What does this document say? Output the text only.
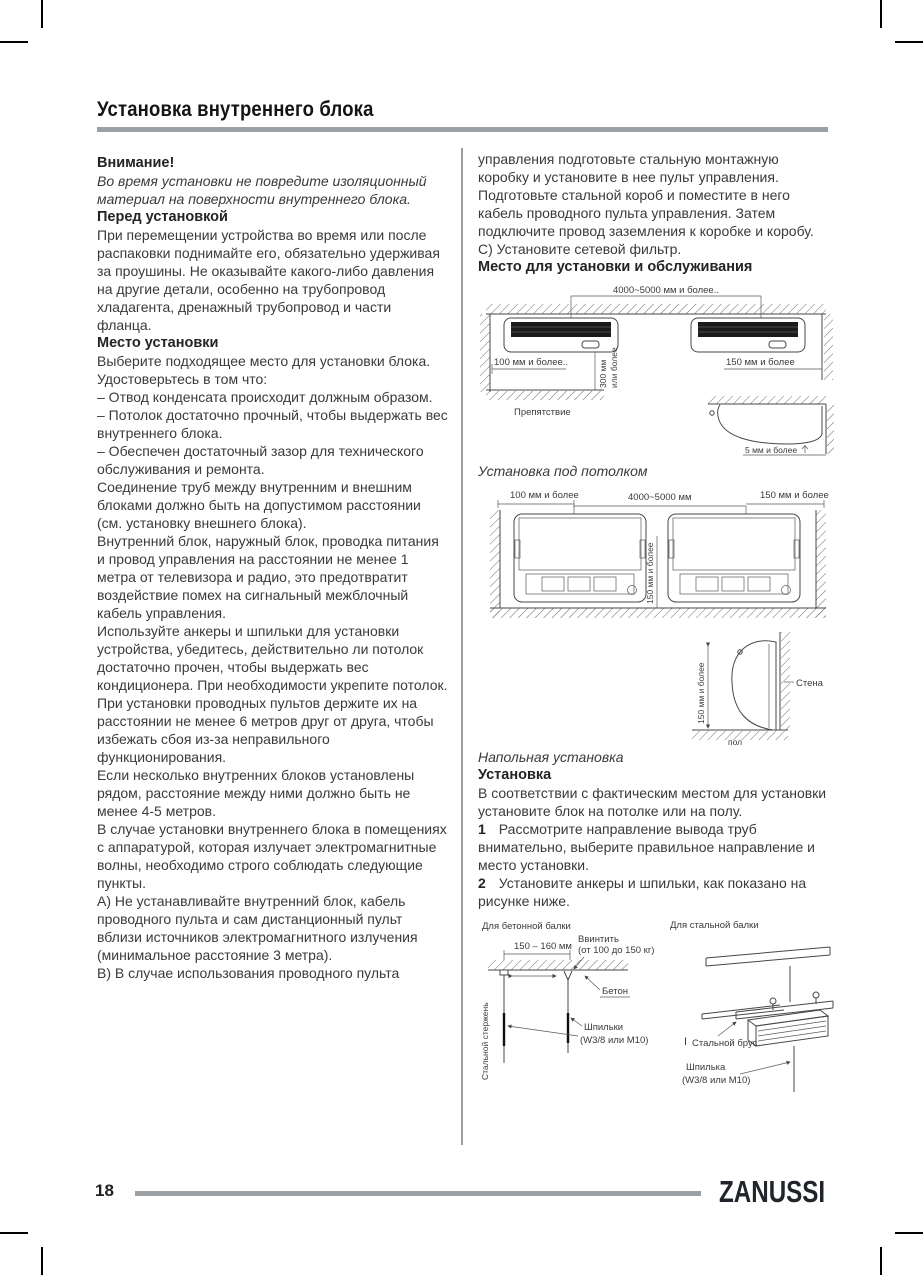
Установка внутреннего блока

Внимание!

Во время установки не повредите изоляционный материал на поверхности внутреннего блока.

Перед установкой

При перемещении устройства во время или после распаковки поднимайте его, обязательно удерживая за проушины. Не оказывайте какого-либо давления на другие детали, особенно на трубопровод хладагента, дренажный трубопровод и части фланца.

Место установки

Выберите подходящее место для установки блока.

Удостоверьтесь в том что:

– Отвод конденсата происходит должным образом.

– Потолок достаточно прочный, чтобы выдержать вес внутреннего блока.

– Обеспечен достаточный зазор для технического обслуживания и ремонта.

Соединение труб между внутренним и внешним блоками должно быть на допустимом расстоянии (см. установку внешнего блока).

Внутренний блок, наружный блок, проводка питания и провод управления на расстоянии не менее 1 метра от телевизора и радио, это предотвратит воздействие помех на сигнальный межблочный кабель управления.

Используйте анкеры и шпильки для установки устройства, убедитесь, действительно ли потолок достаточно прочен, чтобы выдержать вес кондиционера. При необходимости укрепите потолок.

При установки проводных пультов держите их на расстоянии не менее 6 метров друг от друга, чтобы избежать сбоя из-за неправильного функционирования.

Если несколько внутренних блоков установлены рядом, расстояние между ними должно быть не менее 4-5 метров.

В случае установки внутреннего блока в помещениях с аппаратурой, которая излучает электромагнитные волны, необходимо строго соблюдать следующие пункты.

А) Не устанавливайте внутренний блок, кабель проводного пульта и сам дистанционный пульт вблизи источников электромагнитного излучения (минимальное расстояние 3 метра).

В) В случае использования проводного пульта

управления подготовьте стальную монтажную коробку и установите в нее пульт управления. Подготовьте стальной короб и поместите в него кабель проводного пульта управления. Затем подключите провод заземления к коробке и коробу. C) Установите сетевой фильтр.

Место для установки и обслуживания

4000~5000 мм и более..
100 мм и более..
Препятствие
300 мм или более	150 мм и более
5 мм и более

Установка под потолком

100 мм и более	4000~5000 мм	150 мм и более
150 мм и более
Стена
пол
150 мм и более

Напольная установка

Установка

В соответствии с фактическим местом для установки установите блок на потолке или на полу.

1 Рассмотрите направление вывода труб внимательно, выберите правильное направление и место установки.

2 Установите анкеры и шпильки, как показано на рисунке ниже.

Для бетонной балки
150 – 160 мм
Ввинтить
(от 100 до 150 кг)
Бетон
Шпильки
(W3/8 или M10)
Стальной стержень
Для стальной балки
I Стальной брус
Шпилька
(W3/8 или M10)
18	ZANUSSI
